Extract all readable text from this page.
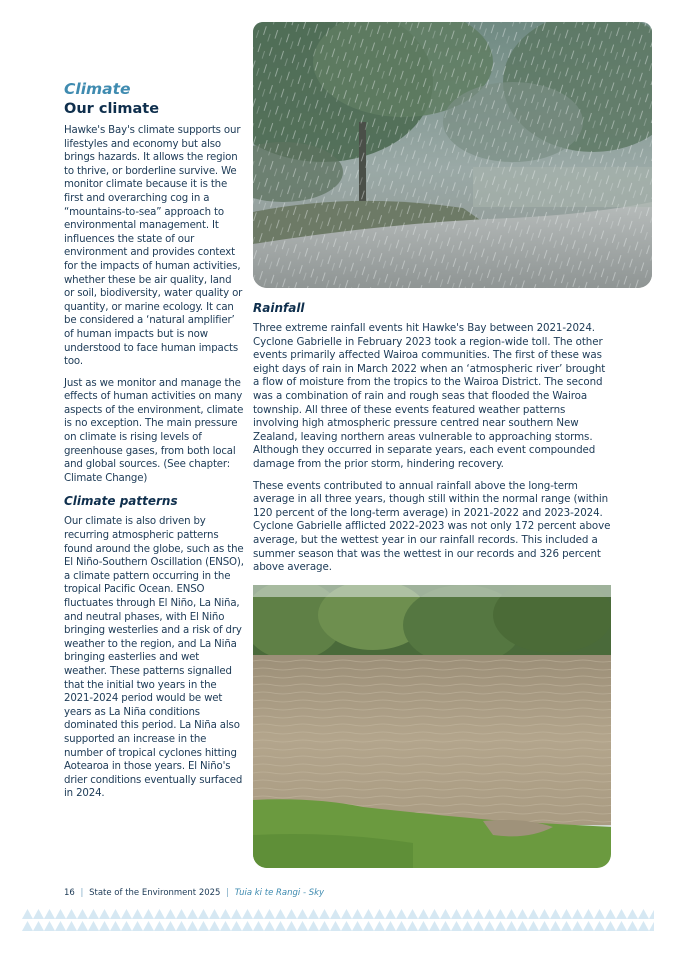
Climate
Our climate

Hawke's Bay's climate supports our lifestyles and economy but also brings hazards. It allows the region to thrive, or borderline survive. We monitor climate because it is the first and overarching cog in a “mountains-to-sea” approach to environmental management. It influences the state of our environment and provides context for the impacts of human activities, whether these be air quality, land or soil, biodiversity, water quality or quantity, or marine ecology. It can be considered a ‘natural amplifier’ of human impacts but is now understood to face human impacts too.

Just as we monitor and manage the effects of human activities on many aspects of the environment, climate is no exception. The main pressure on climate is rising levels of greenhouse gases, from both local and global sources. (See chapter: Climate Change)

Climate patterns

Our climate is also driven by recurring atmospheric patterns found around the globe, such as the El Niño-Southern Oscillation (ENSO), a climate pattern occurring in the tropical Pacific Ocean. ENSO fluctuates through El Niño, La Niña, and neutral phases, with El Niño bringing westerlies and a risk of dry weather to the region, and La Niña bringing easterlies and wet weather. These patterns signalled that the initial two years in the 2021-2024 period would be wet years as La Niña conditions dominated this period. La Niña also supported an increase in the number of tropical cyclones hitting Aotearoa in those years. El Niño's drier conditions eventually surfaced in 2024.

Rainfall

Three extreme rainfall events hit Hawke's Bay between 2021-2024. Cyclone Gabrielle in February 2023 took a region-wide toll. The other events primarily affected Wairoa communities. The first of these was eight days of rain in March 2022 when an ‘atmospheric river’ brought a flow of moisture from the tropics to the Wairoa District. The second was a combination of rain and rough seas that flooded the Wairoa township. All three of these events featured weather patterns involving high atmospheric pressure centred near southern New Zealand, leaving northern areas vulnerable to approaching storms. Although they occurred in separate years, each event compounded damage from the prior storm, hindering recovery.

These events contributed to annual rainfall above the long-term average in all three years, though still within the normal range (within 120 percent of the long-term average) in 2021-2022 and 2023-2024. Cyclone Gabrielle afflicted 2022-2023 was not only 172 percent above average, but the wettest year in our rainfall records. This included a summer season that was the wettest in our records and 326 percent above average.

16 | State of the Environment 2025 | Tuia ki te Rangi - Sky
